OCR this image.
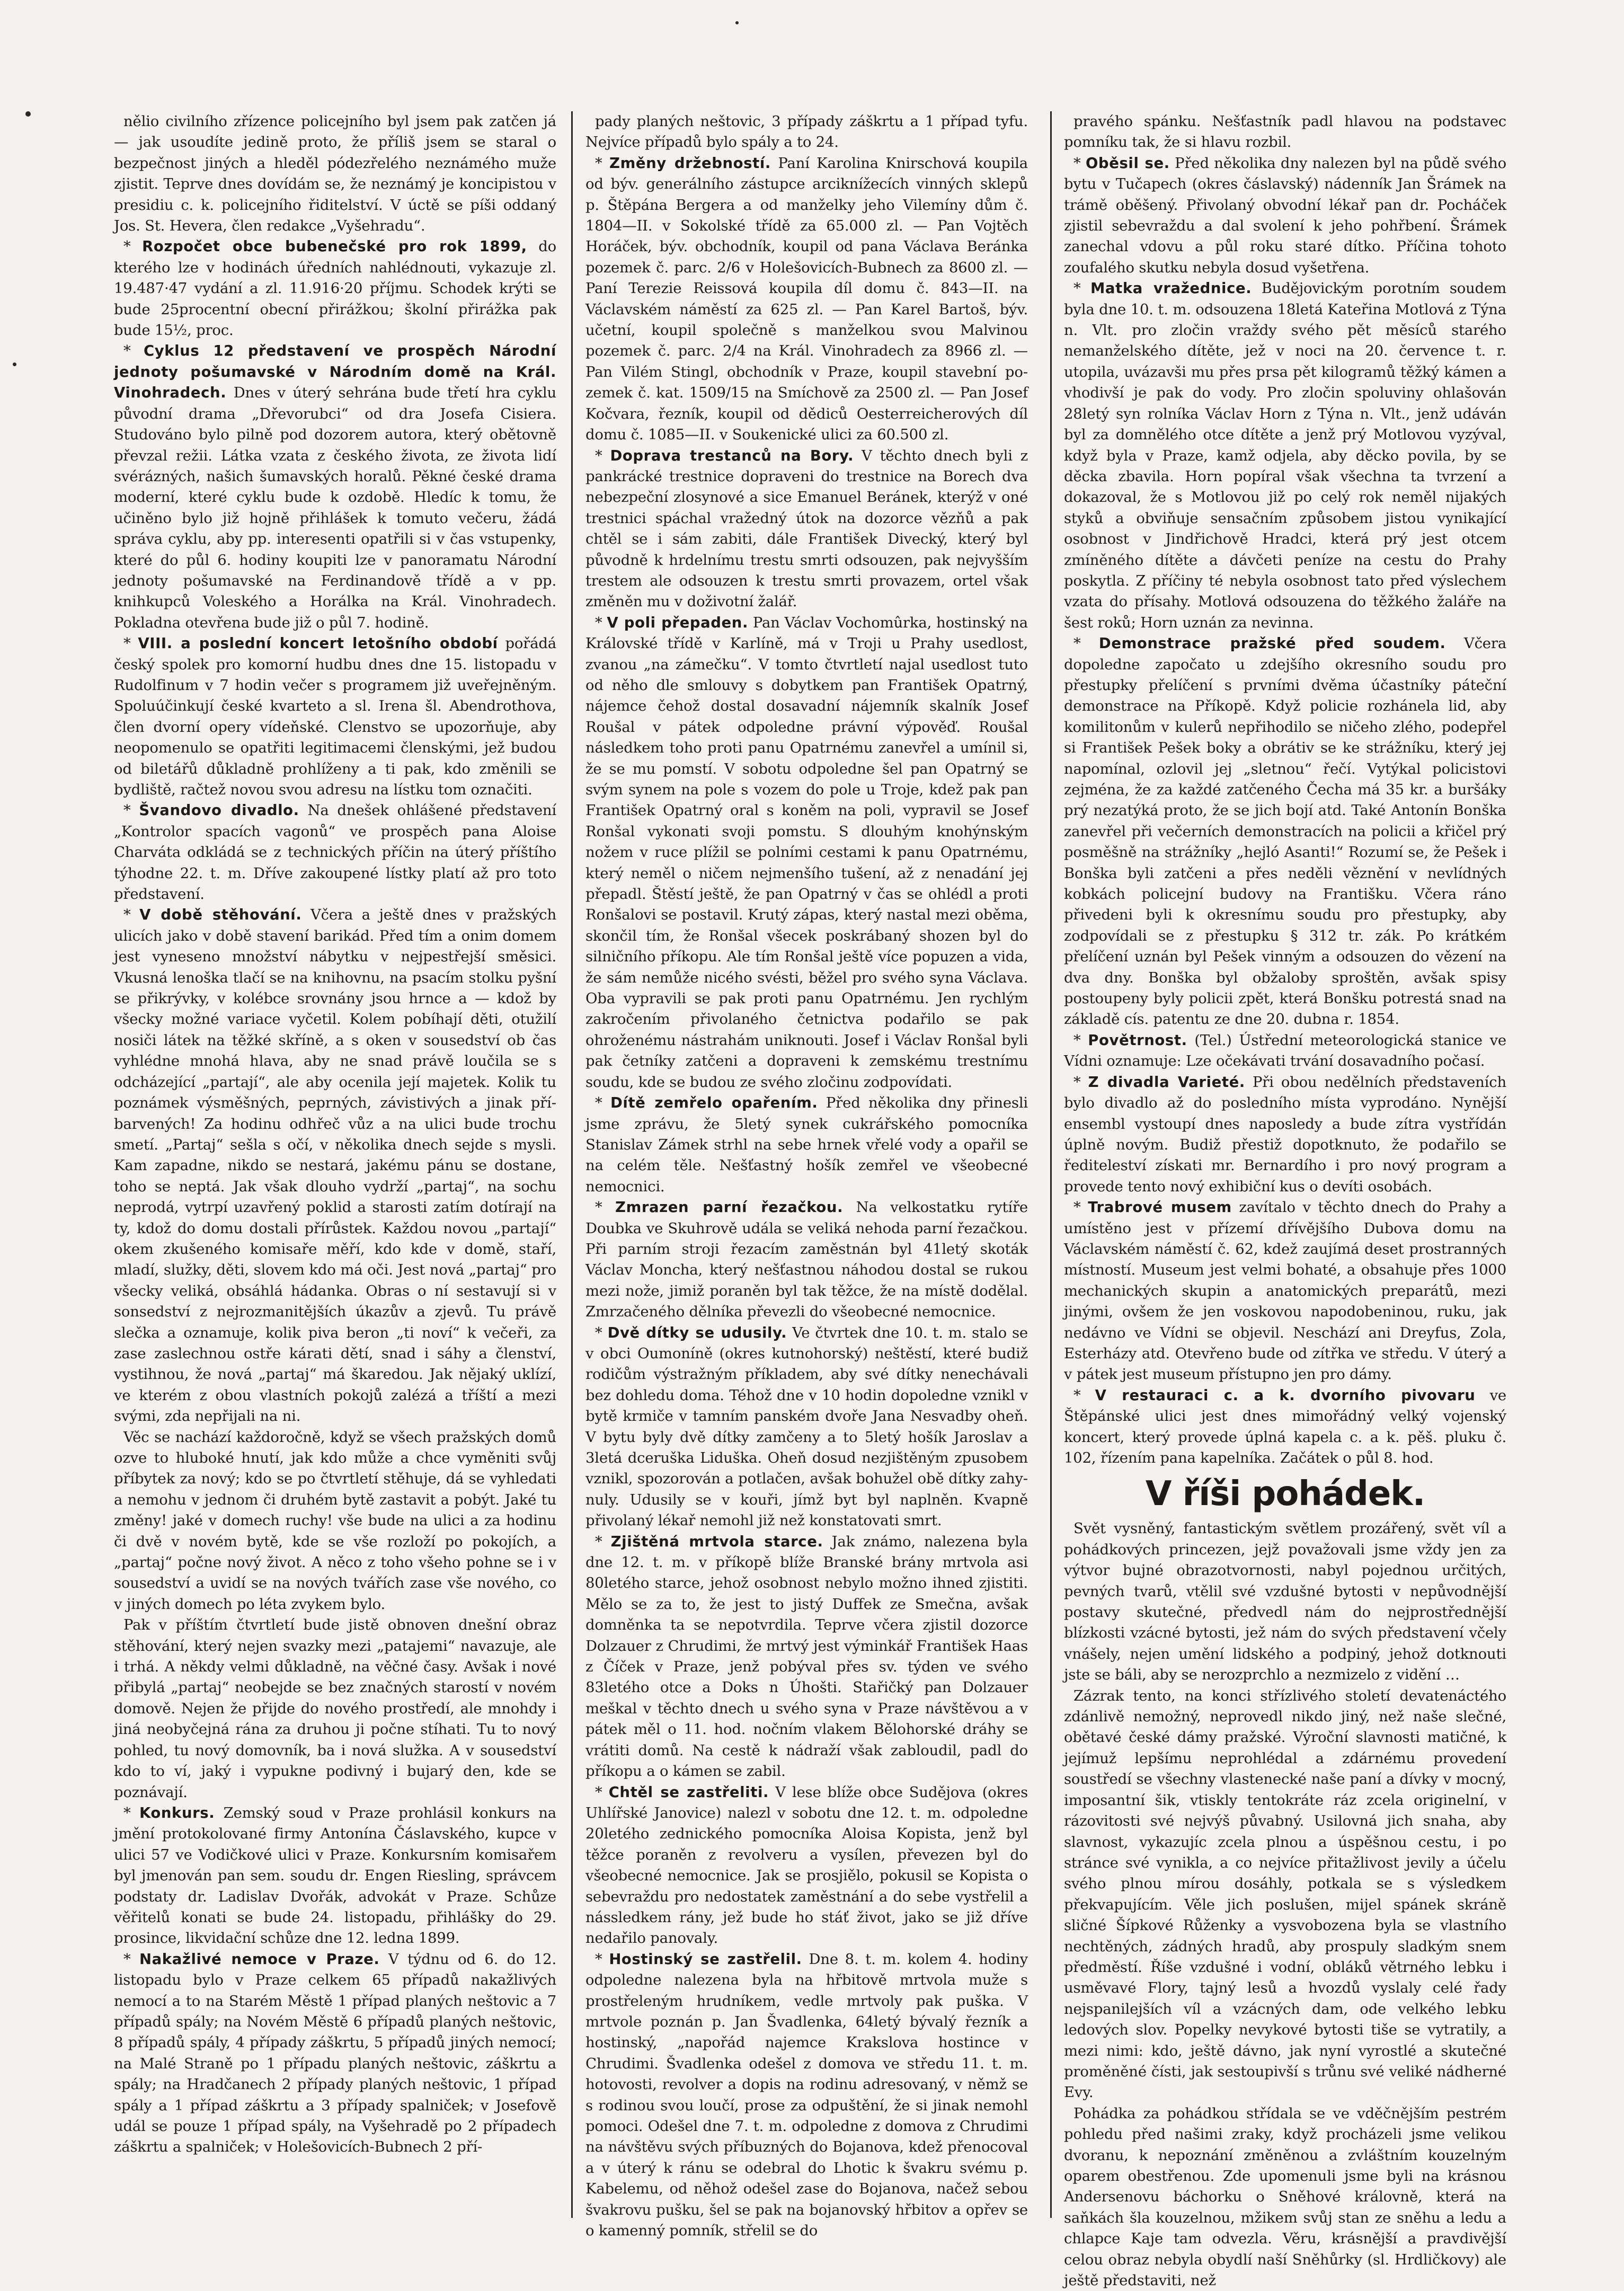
nělio civilního zřízence policejního byl jsem pak zatčen já — jak usoudíte jedině proto, že příliš jsem se staral o bezpečnost jiných a hleděl pódezřelého neznámého muže zjistit. Teprve dnes dovídám se, že neznámý je koncipistou v presidiu c. k. policejního řiditelství. V úctě se píši oddaný Jos. St. Hevera, člen redakce „Vyšehradu“.

* Rozpočet obce bubenečské pro rok 1899, do kterého lze v hodinách úředních nahlédnouti, vykazuje zl. 19.487·47 vydání a zl. 11.916·20 příjmu. Schodek krýti se bude 25procentní obecní přirážkou; školní přirážka pak bude 15½, proc.

* Cyklus 12 představení ve prospěch Národní jednoty pošumavské v Národním domě na Král. Vinohradech. Dnes v úterý sehrána bude třetí hra cyklu původní drama „Dřevorubci“ od dra Josefa Cisiera. Studováno bylo pilně pod dozorem autora, který obětovně převzal režii. Látka vzata z českého života, ze života lidí svérázných, našich šumavských horalů. Pěkné české drama moderní, které cyklu bude k ozdobě. Hledíc k tomu, že učiněno bylo již hojně přihlášek k tomuto večeru, žádá správa cyklu, aby pp. interesenti opatřili si v čas vstupenky, které do půl 6. hodiny koupiti lze v panoramatu Národní jednoty pošumavské na Ferdinandově třídě a v pp. knihkupců Voleského a Horálka na Král. Vinohradech. Pokladna otevřena bude již o půl 7. hodině.

* VIII. a poslední koncert letošního období pořádá český spolek pro komorní hudbu dnes dne 15. listopadu v Rudolfinum v 7 hodin večer s programem již uveřejněným. Spoluúčinkují české kvarteto a sl. Irena šl. Abendrothova, člen dvorní opery vídeňské. Clenstvo se upozorňuje, aby neopomenulo se opatřiti legitimacemi členskými, jež budou od biletářů důkladně prohlíženy a ti pak, kdo změnili se bydliště, račtež novou svou adresu na lístku tom označiti.

* Švandovo divadlo. Na dnešek ohlášené představení „Kontrolor spacích vagonů“ ve prospěch pana Aloise Charváta odkládá se z technických příčin na úterý příštího týhodne 22. t. m. Dříve zakoupené lístky platí až pro toto představení.

* V době stěhování. Včera a ještě dnes v pražských ulicích jako v době stavení barikád. Před tím a onim domem jest vyneseno množství nábytku v nejpestřejší směsici. Vkusná lenoška tlačí se na knihovnu, na psacím stolku pyšní se přikrývky, v kolébce srovnány jsou hrnce a — kdož by všecky možné variace vyčetil. Kolem pobíhají děti, otužilí nosiči látek na těžké skříně, a s oken v sousedství ob čas vyhlédne mnohá hlava, aby ne snad právě loučila se s odcházející „partají“, ale aby ocenila její majetek. Kolik tu poznámek výsměšných, peprných, závistivých a jinak příbarvených! Za hodinu odhřeč vůz a na ulici bude trochu smetí. „Partaj“ sešla s očí, v několika dnech sejde s mysli. Kam zapadne, nikdo se nestará, jakému pánu se dostane, toho se neptá. Jak však dlouho vydrží „partaj“, na sochu neprodá, vytrpí uzavřený poklid a starosti zatím dotírají na ty, kdož do domu dostali přírůstek. Každou novou „partají“ okem zkušeného komisaře měří, kdo kde v domě, staří, mladí, služky, děti, slovem kdo má oči. Jest nová „partaj“ pro všecky veliká, obsáhlá hádanka. Obras o ní sestavují si v sonsedství z nejrozmanitějších úkazův a zjevů. Tu právě slečka a oznamuje, kolik piva beron „ti noví“ k večeři, za zase zaslechnou ostře kárati dětí, snad i sáhy a členství, vystihnou, že nová „partaj“ má škaredou. Jak nějaký uklízí, ve kterém z obou vlastních pokojů zalézá a tříští a mezi svými, zda nepřijali na ni.

Věc se nachází každoročně, když se všech pražských domů ozve to hluboké hnutí, jak kdo může a chce vyměniti svůj příbytek za nový; kdo se po čtvrtletí stěhuje, dá se vyhledati a nemohu v jednom či druhém bytě zastavit a pobýt. Jaké tu změny! jaké v domech ruchy! vše bude na ulici a za hodinu či dvě v novém bytě, kde se vše rozloží po pokojích, a „partaj“ počne nový život. A něco z toho všeho pohne se i v sousedství a uvidí se na nových tvářích zase vše nového, co v jiných domech po léta zvykem bylo.

Pak v příštím čtvrtletí bude jistě obnoven dnešní obraz stěhování, který nejen svazky mezi „patajemi“ navazuje, ale i trhá. A někdy velmi důkladně, na věčné časy. Avšak i nové přibylá „partaj“ neobejde se bez značných starostí v novém domově. Nejen že přijde do nového prostředí, ale mnohdy i jiná neobyčejná rána za druhou ji počne stíhati. Tu to nový pohled, tu nový domovník, ba i nová služka. A v sousedství kdo to ví, jaký i vypukne podivný i bujarý den, kde se poznávají.

* Konkurs. Zemský soud v Praze prohlásil konkurs na jmění protokolované firmy Antonína Čáslavského, kupce v ulici 57 ve Vodičkové ulici v Praze. Konkursním komisařem byl jmenován pan sem. soudu dr. Engen Riesling, správcem podstaty dr. Ladislav Dvořák, advokát v Praze. Schůze věřitelů konati se bude 24. listopadu, přihlášky do 29. prosince, likvidační schůze dne 12. ledna 1899.

* Nakažlivé nemoce v Praze. V týdnu od 6. do 12. listopadu bylo v Praze celkem 65 případů nakažlivých nemocí a to na Starém Městě 1 případ planých neštovic a 7 případů spály; na Novém Městě 6 případů planých neštovic, 8 případů spály, 4 případy záškrtu, 5 případů jiných nemocí; na Malé Straně po 1 případu planých neštovic, záškrtu a spály; na Hradčanech 2 případy planých neštovic, 1 případ spály a 1 případ záškrtu a 3 případy spalniček; v Josefově udál se pouze 1 případ spály, na Vyšehradě po 2 případech záškrtu a spalniček; v Holešovicích-Bubnech 2 pří-

pady planých neštovic, 3 případy záškrtu a 1 případ tyfu. Nejvíce případů bylo spály a to 24.

* Změny držebností. Paní Karolina Knirschová koupila od býv. generálního zástupce arciknížecích vinných sklepů p. Štěpána Bergera a od manželky jeho Vilemíny dům č. 1804—II. v Sokolské třídě za 65.000 zl. — Pan Vojtěch Horáček, býv. obchodník, koupil od pana Václava Beránka pozemek č. parc. 2/6 v Holešovicích-Bubnech za 8600 zl. — Paní Terezie Reissová koupila díl domu č. 843—II. na Václavském náměstí za 625 zl. — Pan Karel Bartoš, býv. učetní, koupil společně s manželkou svou Malvinou pozemek č. parc. 2/4 na Král. Vinohradech za 8966 zl. — Pan Vilém Stingl, obchodník v Praze, koupil stavební pozemek č. kat. 1509/15 na Smíchově za 2500 zl. — Pan Josef Kočvara, řezník, koupil od dědiců Oesterreicherových díl domu č. 1085—II. v Soukenické ulici za 60.500 zl.

* Doprava trestanců na Bory. V těchto dnech byli z pankrácké trestnice dopraveni do trestnice na Borech dva nebezpeční zlosynové a sice Emanuel Beránek, kterýž v oné trestnici spáchal vražedný útok na dozorce vězňů a pak chtěl se i sám zabiti, dále František Divecký, který byl původně k hrdelnímu trestu smrti odsouzen, pak nejvyšším trestem ale odsouzen k trestu smrti provazem, ortel však změněn mu v doživotní žalář.

* V poli přepaden. Pan Václav Vochomûrka, hostinský na Královské třídě v Karlíně, má v Troji u Prahy usedlost, zvanou „na zámečku“. V tomto čtvrtletí najal usedlost tuto od něho dle smlouvy s dobytkem pan František Opatrný, nájemce čehož dostal dosavadní nájemník skalník Josef Roušal v pátek odpoledne právní výpověď. Roušal následkem toho proti panu Opatrnému zanevřel a umínil si, že se mu pomstí. V sobotu odpoledne šel pan Opatrný se svým synem na pole s vozem do pole u Troje, kdež pak pan František Opatrný oral s koněm na poli, vypravil se Josef Ronšal vykonati svoji pomstu. S dlouhým knohýnským nožem v ruce plížil se polními cestami k panu Opatrnému, který neměl o ničem nejmenšího tušení, až z nenadání jej přepadl. Štěstí ještě, že pan Opatrný v čas se ohlédl a proti Ronšalovi se postavil. Krutý zápas, který nastal mezi oběma, skončil tím, že Ronšal všecek poskrábaný shozen byl do silničního příkopu. Ale tím Ronšal ještě více popuzen a vida, že sám nemůže nicého svésti, běžel pro svého syna Václava. Oba vypravili se pak proti panu Opatrnému. Jen rychlým zakročením přivolaného četnictva podařilo se pak ohroženému nástrahám uniknouti. Josef i Václav Ronšal byli pak četníky zatčeni a dopraveni k zemskému trestnímu soudu, kde se budou ze svého zločinu zodpovídati.

* Dítě zemřelo opařením. Před několika dny přinesli jsme zprávu, že 5letý synek cukrářského pomocníka Stanislav Zámek strhl na sebe hrnek vřelé vody a opařil se na celém těle. Nešťastný hošík zemřel ve všeobecné nemocnici.

* Zmrazen parní řezačkou. Na velkostatku rytíře Doubka ve Skuhrově udála se veliká nehoda parní řezačkou. Při parním stroji řezacím zaměstnán byl 41letý skoták Václav Moncha, který nešťastnou náhodou dostal se rukou mezi nože, jimiž poraněn byl tak těžce, že na místě dodělal. Zmrzačeného dělníka převezli do všeobecné nemocnice.

* Dvě dítky se udusily. Ve čtvrtek dne 10. t. m. stalo se v obci Oumoníně (okres kutnohorský) neštěstí, které budiž rodičům výstražným příkladem, aby své dítky nenechávali bez dohledu doma. Téhož dne v 10 hodin dopoledne vznikl v bytě krmiče v tamním panském dvoře Jana Nesvadby oheň. V bytu byly dvě dítky zamčeny a to 5letý hošík Jaroslav a 3letá dceruška Liduška. Oheň dosud nezjištěným zpusobem vznikl, spozorován a potlačen, avšak bohužel obě dítky zahynuly. Udusily se v kouři, jímž byt byl naplněn. Kvapně přivolaný lékař nemohl již než konstatovati smrt.

* Zjištěná mrtvola starce. Jak známo, nalezena byla dne 12. t. m. v příkopě blíže Branské brány mrtvola asi 80letého starce, jehož osobnost nebylo možno ihned zjistiti. Mělo se za to, že jest to jistý Duffek ze Smečna, avšak domněnka ta se nepotvrdila. Teprve včera zjistil dozorce Dolzauer z Chrudimi, že mrtvý jest výminkář František Haas z Číček v Praze, jenž pobýval přes sv. týden ve svého 83letého otce a Doks n Úhošti. Stařičký pan Dolzauer meškal v těchto dnech u svého syna v Praze návštěvou a v pátek měl o 11. hod. nočním vlakem Bělohorské dráhy se vrátiti domů. Na cestě k nádraží však zabloudil, padl do příkopu a o kámen se zabil.

* Chtěl se zastřeliti. V lese blíže obce Sudějova (okres Uhlířské Janovice) nalezl v sobotu dne 12. t. m. odpoledne 20letého zednického pomocníka Aloisa Kopista, jenž byl těžce poraněn z revolveru a vysílen, převezen byl do všeobecné nemocnice. Jak se prosjiělo, pokusil se Kopista o sebevraždu pro nedostatek zaměstnání a do sebe vystřelil a nássledkem rány, jež bude ho stáť život, jako se již dříve nedařilo panovaly.

* Hostinský se zastřelil. Dne 8. t. m. kolem 4. hodiny odpoledne nalezena byla na hřbitově mrtvola muže s prostřeleným hrudníkem, vedle mrtvoly pak puška. V mrtvole poznán p. Jan Švadlenka, 64letý bývalý řezník a hostinský, „napořád najemce Krakslova hostince v Chrudimi. Švadlenka odešel z domova ve středu 11. t. m. hotovosti, revolver a dopis na rodinu adresovaný, v němž se s rodinou svou loučí, prose za odpuštění, že si jinak nemohl pomoci. Odešel dne 7. t. m. odpoledne z domova z Chrudimi na návštěvu svých příbuzných do Bojanova, kdež přenocoval a v úterý k ránu se odebral do Lhotic k švakru svému p. Kabelemu, od něhož odešel zase do Bojanova, načež sebou švakrovu pušku, šel se pak na bojanovský hřbitov a opřev se o kamenný pomník, střelil se do

pravého spánku. Nešťastník padl hlavou na podstavec pomníku tak, že si hlavu rozbil.

* Oběsil se. Před několika dny nalezen byl na půdě svého bytu v Tučapech (okres čáslavský) nádenník Jan Šrámek na trámě oběšený. Přivolaný obvodní lékař pan dr. Pocháček zjistil sebevraždu a dal svolení k jeho pohřbení. Šrámek zanechal vdovu a půl roku staré dítko. Příčina tohoto zoufalého skutku nebyla dosud vyšetřena.

* Matka vražednice. Budějovickým porotním soudem byla dne 10. t. m. odsouzena 18letá Kateřina Motlová z Týna n. Vlt. pro zločin vraždy svého pět měsíců starého nemanželského dítěte, jež v noci na 20. července t. r. utopila, uvázavši mu přes prsa pět kilogramů těžký kámen a vhodivší je pak do vody. Pro zločin spoluviny ohlašován 28letý syn rolníka Václav Horn z Týna n. Vlt., jenž udáván byl za domnělého otce dítěte a jenž prý Motlovou vyzýval, když byla v Praze, kamž odjela, aby děcko povila, by se děcka zbavila. Horn popíral však všechna ta tvrzení a dokazoval, že s Motlovou již po celý rok neměl nijakých styků a obviňuje sensačním způsobem jistou vynikající osobnost v Jindřichově Hradci, která prý jest otcem zmíněného dítěte a dávčeti peníze na cestu do Prahy poskytla. Z příčiny té nebyla osobnost tato před výslechem vzata do přísahy. Motlová odsouzena do těžkého žaláře na šest roků; Horn uznán za nevinna.

* Demonstrace pražské před soudem. Včera dopoledne započato u zdejšího okresního soudu pro přestupky přelíčení s prvními dvěma účastníky páteční demonstrace na Příkopě. Když policie rozhánela lid, aby komilitonům v kulerů nepřihodilo se ničeho zlého, podepřel si František Pešek boky a obrátiv se ke strážníku, který jej napomínal, ozlovil jej „sletnou“ řečí. Vytýkal policistovi zejména, že za každé zatčeného Čecha má 35 kr. a buršáky prý nezatýká proto, že se jich bojí atd. Také Antonín Bonška zanevřel při večerních demonstracích na policii a křičel prý posměšně na strážníky „hejló Asanti!“ Rozumí se, že Pešek i Bonška byli zatčeni a přes neděli věznění v nevlídných kobkách policejní budovy na Františku. Včera ráno přivedeni byli k okresnímu soudu pro přestupky, aby zodpovídali se z přestupku § 312 tr. zák. Po krátkém přelíčení uznán byl Pešek vinným a odsouzen do vězení na dva dny. Bonška byl obžaloby sproštěn, avšak spisy postoupeny byly policii zpět, která Bonšku potrestá snad na základě cís. patentu ze dne 20. dubna r. 1854.

* Povětrnost. (Tel.) Ústřední meteorologická stanice ve Vídni oznamuje: Lze očekávati trvání dosavadního počasí.

* Z divadla Varieté. Při obou nedělních představeních bylo divadlo až do posledního místa vyprodáno. Nynější ensembl vystoupí dnes naposledy a bude zítra vystřídán úplně novým. Budiž přestiž dopotknuto, že podařilo se řediteleství získati mr. Bernardího i pro nový program a provede tento nový exhibiční kus o devíti osobách.

* Trabrové musem zavítalo v těchto dnech do Prahy a umístěno jest v přízemí dřívějšího Dubova domu na Václavském náměstí č. 62, kdež zaujímá deset prostranných místností. Museum jest velmi bohaté, a obsahuje přes 1000 mechanických skupin a anatomických preparátů, mezi jinými, ovšem že jen voskovou napodobeninou, ruku, jak nedávno ve Vídni se objevil. Neschází ani Dreyfus, Zola, Esterházy atd. Otevřeno bude od zítřka ve středu. V úterý a v pátek jest museum přístupno jen pro dámy.

* V restauraci c. a k. dvorního pivovaru ve Štěpánské ulici jest dnes mimořádný velký vojenský koncert, který provede úplná kapela c. a k. pěš. pluku č. 102, řízením pana kapelníka. Začátek o půl 8. hod.

V říši pohádek.

Svět vysněný, fantastickým světlem prozářený, svět víl a pohádkových princezen, jejž považovali jsme vždy jen za výtvor bujné obrazotvornosti, nabyl pojednou určitých, pevných tvarů, vtělil své vzdušné bytosti v nepůvodnější postavy skutečné, předvedl nám do nejprostřednější blízkosti vzácné bytosti, jež nám do svých představení včely vnášely, nejen umění lidského a podpiný, jehož dotknouti jste se báli, aby se nerozprchlo a nezmizelo z vidění …

Zázrak tento, na konci střízlivého století devatenáctého zdánlivě nemožný, neprovedl nikdo jiný, než naše slečné, obětavé české dámy pražské. Výroční slavnosti matičné, k jejímuž lepšímu neprohlédal a zdárnému provedení soustředí se všechny vlastenecké naše paní a dívky v mocný, imposantní šik, vtiskly tentokráte ráz zcela originelní, v rázovitosti své nejvýš půvabný. Usilovná jich snaha, aby slavnost, vykazujíc zcela plnou a úspěšnou cestu, i po stránce své vynikla, a co nejvíce přitažlivost jevily a účelu svého plnou mírou dosáhly, potkala se s výsledkem překvapujícím. Věle jich poslušen, mijel spánek skráně sličné Šípkové Růženky a vysvobozena byla se vlastního nechtěných, zádných hradů, aby prospuly sladkým snem předměstí. Říše vzdušné i vodní, obláků větrného lebku i usměvavé Flory, tajný lesů a hvozdů vyslaly celé řady nejspanilejších víl a vzácných dam, ode velkého lebku ledových slov. Popelky nevykové bytosti tiše se vytratily, a mezi nimi: kdo, ještě dávno, jak nyní vyrostlé a skutečné proměněné čísti, jak sestoupivší s trůnu své veliké nádherné Evy.

Pohádka za pohádkou střídala se ve vděčnějším pestrém pohledu před našimi zraky, když procházeli jsme velikou dvoranu, k nepoznání změněnou a zvláštním kouzelným oparem obestřenou. Zde upomenuli jsme byli na krásnou Andersenovu báchorku o Sněhové královně, která na saňkách šla kouzelnou, mžikem svůj stan ze sněhu a ledu a chlapce Kaje tam odvezla. Věru, krásnější a pravdivější celou obraz nebyla obydlí naší Sněhůrky (sl. Hrdličkovy) ale ještě představiti, než
